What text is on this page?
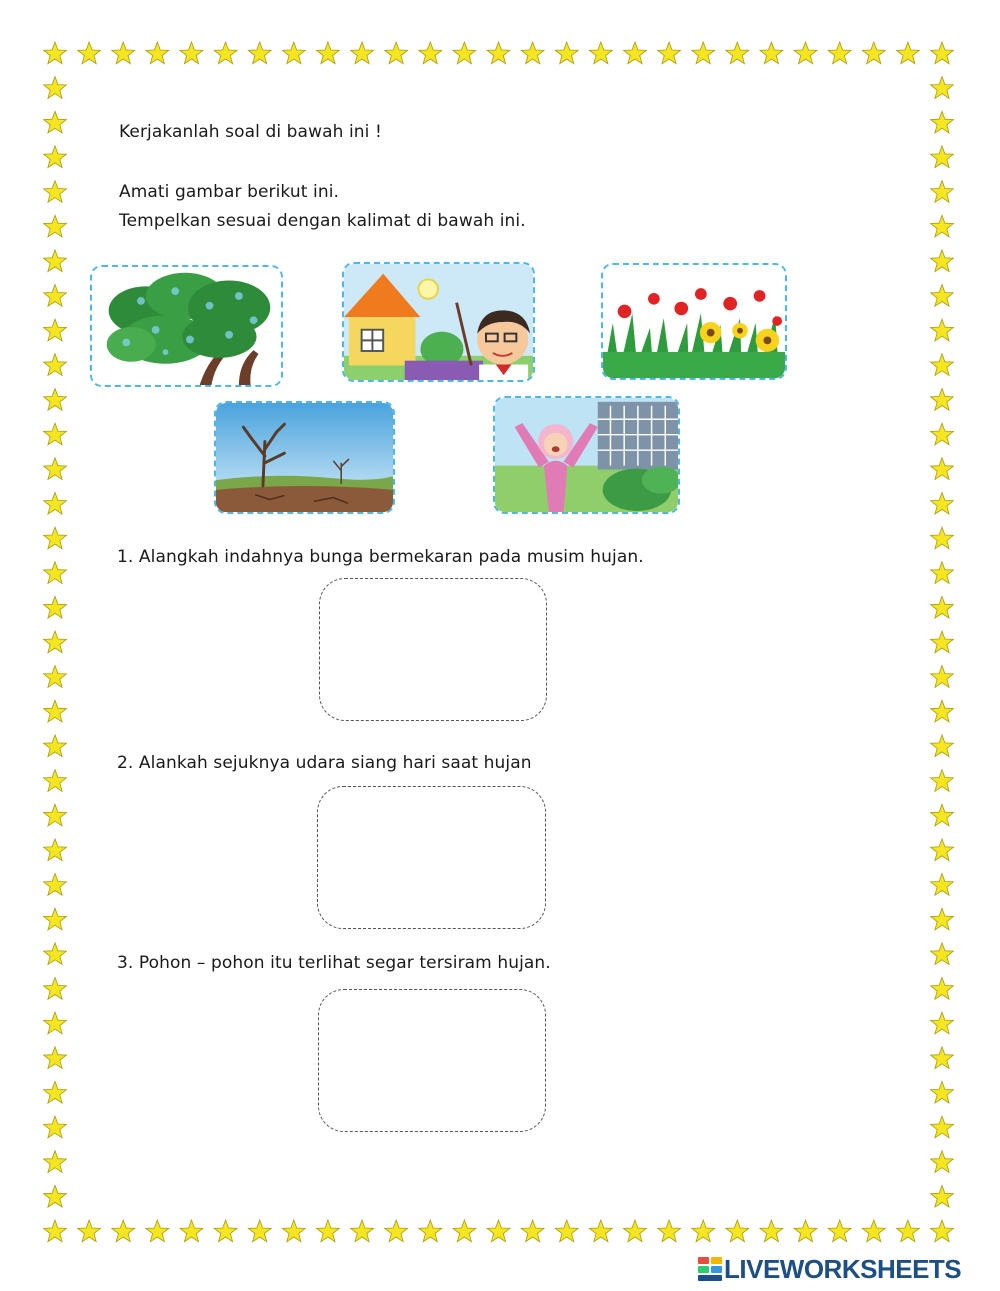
Kerjakanlah soal di bawah ini !
Amati gambar berikut ini.
Tempelkan sesuai dengan kalimat di bawah ini.
1. Alangkah indahnya bunga bermekaran pada musim hujan.
2. Alankah sejuknya udara siang hari saat hujan
3. Pohon – pohon itu terlihat segar tersiram hujan.
LIVEWORKSHEETS
